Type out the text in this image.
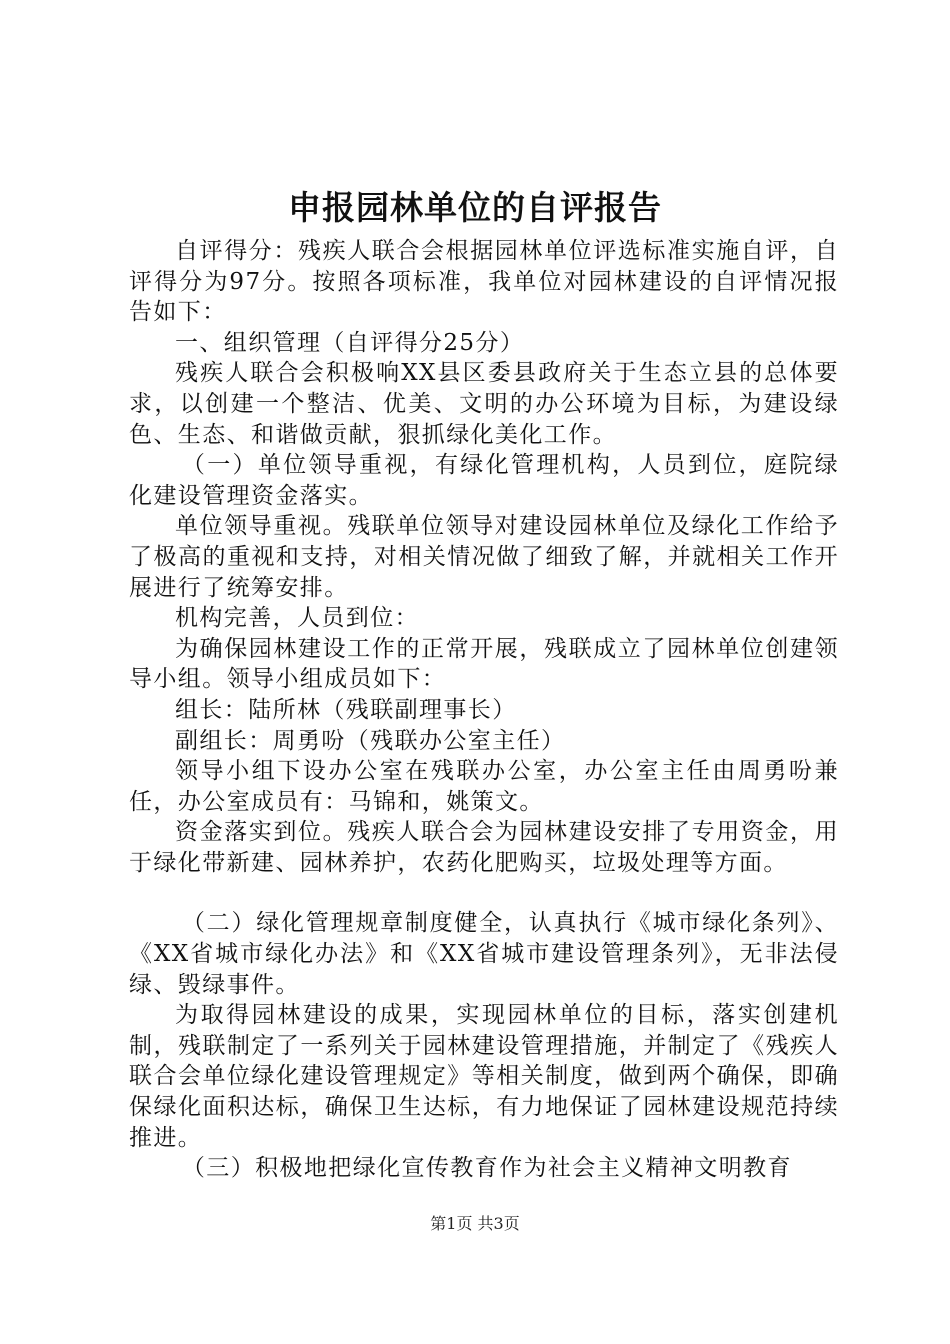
申报园林单位的自评报告

自评得分：残疾人联合会根据园林单位评选标准实施自评，自评得分为97分。按照各项标准，我单位对园林建设的自评情况报告如下：

一、组织管理（自评得分25分）

残疾人联合会积极响XX县区委县政府关于生态立县的总体要求，以创建一个整洁、优美、文明的办公环境为目标，为建设绿色、生态、和谐做贡献，狠抓绿化美化工作。

（一）单位领导重视，有绿化管理机构，人员到位，庭院绿化建设管理资金落实。

单位领导重视。残联单位领导对建设园林单位及绿化工作给予了极高的重视和支持，对相关情况做了细致了解，并就相关工作开展进行了统筹安排。

机构完善，人员到位：

为确保园林建设工作的正常开展，残联成立了园林单位创建领导小组。领导小组成员如下：

组长：陆所林（残联副理事长）

副组长：周勇吩（残联办公室主任）

领导小组下设办公室在残联办公室，办公室主任由周勇吩兼任，办公室成员有：马锦和，姚策文。

资金落实到位。残疾人联合会为园林建设安排了专用资金，用于绿化带新建、园林养护，农药化肥购买，垃圾处理等方面。

（二）绿化管理规章制度健全，认真执行《城市绿化条列》、《XX省城市绿化办法》和《XX省城市建设管理条列》，无非法侵绿、毁绿事件。

为取得园林建设的成果，实现园林单位的目标，落实创建机制，残联制定了一系列关于园林建设管理措施，并制定了《残疾人联合会单位绿化建设管理规定》等相关制度，做到两个确保，即确保绿化面积达标，确保卫生达标，有力地保证了园林建设规范持续推进。

（三）积极地把绿化宣传教育作为社会主义精神文明教育

第1页 共3页
